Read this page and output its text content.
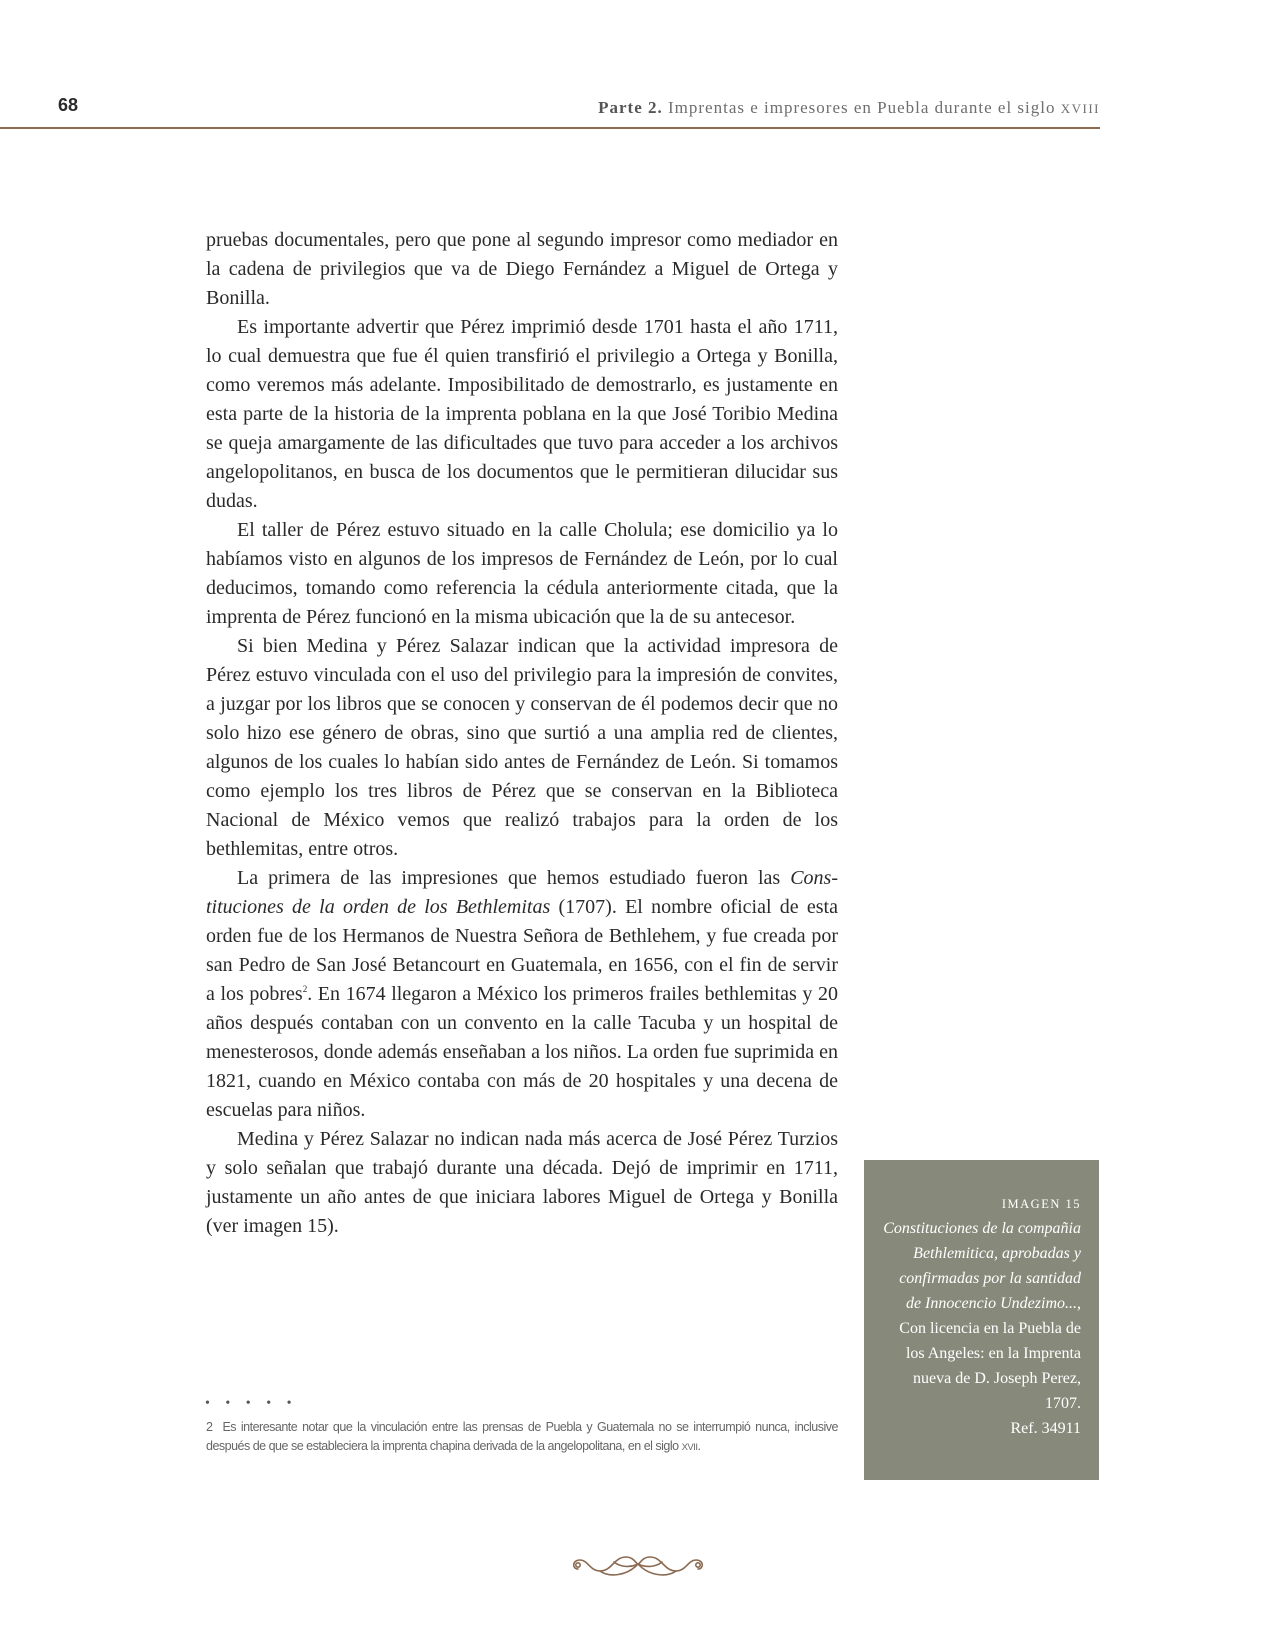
68	Parte 2. Imprentas e impresores en Puebla durante el siglo XVIII

pruebas documentales, pero que pone al segundo impresor como mediador en la cadena de privilegios que va de Diego Fernández a Miguel de Ortega y Bonilla.

Es importante advertir que Pérez imprimió desde 1701 hasta el año 1711, lo cual demuestra que fue él quien transfirió el privilegio a Ortega y Bonilla, como veremos más adelante. Imposibilitado de demostrarlo, es justamente en esta parte de la historia de la imprenta poblana en la que José Toribio Medina se queja amargamente de las dificultades que tuvo para acceder a los archivos angelopolitanos, en busca de los documentos que le permitieran dilucidar sus dudas.

El taller de Pérez estuvo situado en la calle Cholula; ese domicilio ya lo habíamos visto en algunos de los impresos de Fernández de León, por lo cual deducimos, tomando como referencia la cédula anteriormente citada, que la imprenta de Pérez funcionó en la misma ubicación que la de su antecesor.

Si bien Medina y Pérez Salazar indican que la actividad impresora de Pérez estuvo vinculada con el uso del privilegio para la impresión de convites, a juzgar por los libros que se conocen y conservan de él podemos decir que no solo hizo ese género de obras, sino que surtió a una amplia red de clientes, algunos de los cuales lo habían sido antes de Fernández de León. Si tomamos como ejemplo los tres libros de Pérez que se conservan en la Biblioteca Nacional de México vemos que realizó trabajos para la orden de los bethlemitas, entre otros.

La primera de las impresiones que hemos estudiado fueron las Constituciones de la orden de los Bethlemitas (1707). El nombre oficial de esta orden fue de los Hermanos de Nuestra Señora de Bethlehem, y fue creada por san Pedro de San José Betancourt en Guatemala, en 1656, con el fin de servir a los pobres$^2$. En 1674 llegaron a México los primeros frailes bethlemitas y 20 años después contaban con un convento en la calle Tacuba y un hospital de menesterosos, donde además enseñaban a los niños. La orden fue suprimida en 1821, cuando en México contaba con más de 20 hospitales y una decena de escuelas para niños.

Medina y Pérez Salazar no indican nada más acerca de José Pérez Turzios y solo señalan que trabajó durante una década. Dejó de imprimir en 1711, justamente un año antes de que iniciara labores Miguel de Ortega y Bonilla (ver imagen 15).

• • • • •
2 Es interesante notar que la vinculación entre las prensas de Puebla y Guatemala no se interrumpió nunca, inclusive después de que se estableciera la imprenta chapina derivada de la angelopolitana, en el siglo XVII.
IMAGEN 15

Constituciones de la compañia Bethlemitica, aprobadas y confirmadas por la santidad de Innocencio Undezimo..., Con licencia en la Puebla de los Angeles: en la Imprenta nueva de D. Joseph Perez, 1707.

Ref. 34911
